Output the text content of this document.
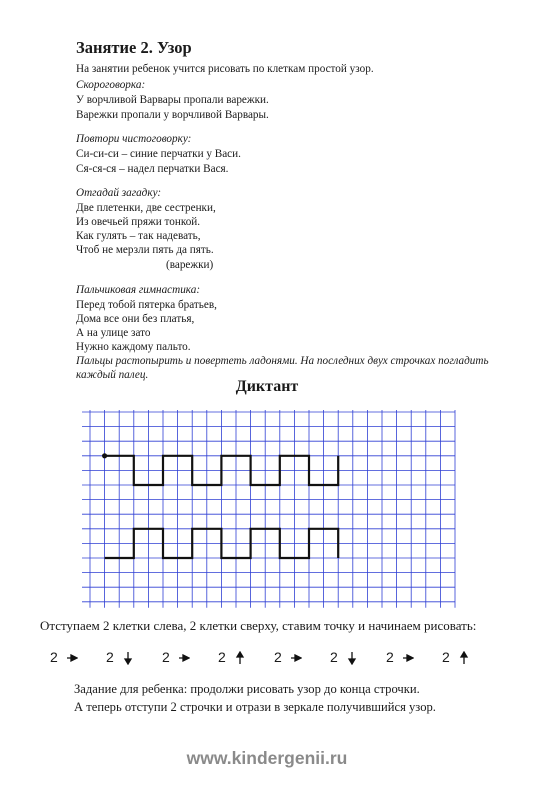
Занятие 2. Узор
На занятии ребенок учится рисовать по клеткам простой узор.
Скороговорка:
У ворчливой Варвары пропали варежки.
Варежки пропали у ворчливой Варвары.
Повтори чистоговорку:
Си-си-си – синие перчатки у Васи.
Ся-ся-ся – надел перчатки Вася.
Отгадай загадку:
Две плетенки, две сестренки,
Из овечьей пряжи тонкой.
Как гулять – так надевать,
Чтоб не мерзли пять да пять.
(варежки)
Пальчиковая гимнастика:
Перед тобой пятерка братьев,
Дома все они без платья,
А на улице зато
Нужно каждому пальто.
Пальцы растопырить и повертеть ладонями. На последних двух строчках погладить
каждый палец.
Диктант
Отступаем 2 клетки слева, 2 клетки сверху, ставим точку и начинаем рисовать:
2	2	2	2	2	2	2	2
Задание для ребенка: продолжи рисовать узор до конца строчки.
А теперь отступи 2 строчки и отрази в зеркале получившийся узор.
www.kindergenii.ru
